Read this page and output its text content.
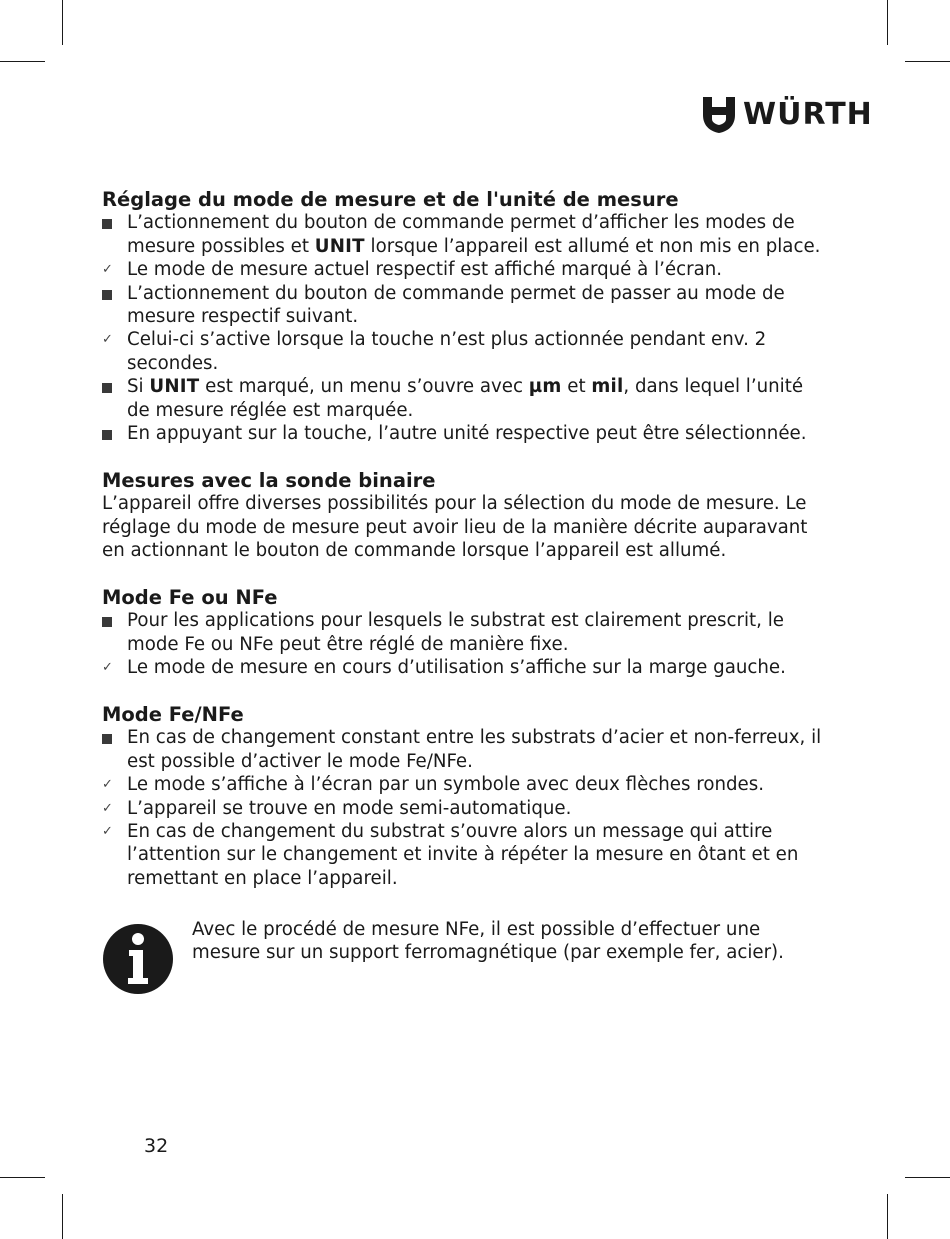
WÜRTH

Réglage du mode de mesure et de l'unité de mesure

L’actionnement du bouton de commande permet d’afficher les modes de mesure possibles et UNIT lorsque l’appareil est allumé et non mis en place.
✓ Le mode de mesure actuel respectif est affiché marqué à l’écran.
L’actionnement du bouton de commande permet de passer au mode de mesure respectif suivant.
✓ Celui-ci s’active lorsque la touche n’est plus actionnée pendant env. 2 secondes.
Si UNIT est marqué, un menu s’ouvre avec µm et mil, dans lequel l’unité de mesure réglée est marquée.
En appuyant sur la touche, l’autre unité respective peut être sélectionnée.

Mesures avec la sonde binaire

L’appareil offre diverses possibilités pour la sélection du mode de mesure. Le réglage du mode de mesure peut avoir lieu de la manière décrite auparavant en actionnant le bouton de commande lorsque l’appareil est allumé.

Mode Fe ou NFe

Pour les applications pour lesquels le substrat est clairement prescrit, le mode Fe ou NFe peut être réglé de manière fixe.
✓ Le mode de mesure en cours d’utilisation s’affiche sur la marge gauche.

Mode Fe/NFe

En cas de changement constant entre les substrats d’acier et non-ferreux, il est possible d’activer le mode Fe/NFe.
✓ Le mode s’affiche à l’écran par un symbole avec deux flèches rondes.
✓ L’appareil se trouve en mode semi-automatique.
✓ En cas de changement du substrat s’ouvre alors un message qui attire l’attention sur le changement et invite à répéter la mesure en ôtant et en remettant en place l’appareil.

Avec le procédé de mesure NFe, il est possible d’effectuer une mesure sur un support ferromagnétique (par exemple fer, acier).

32
